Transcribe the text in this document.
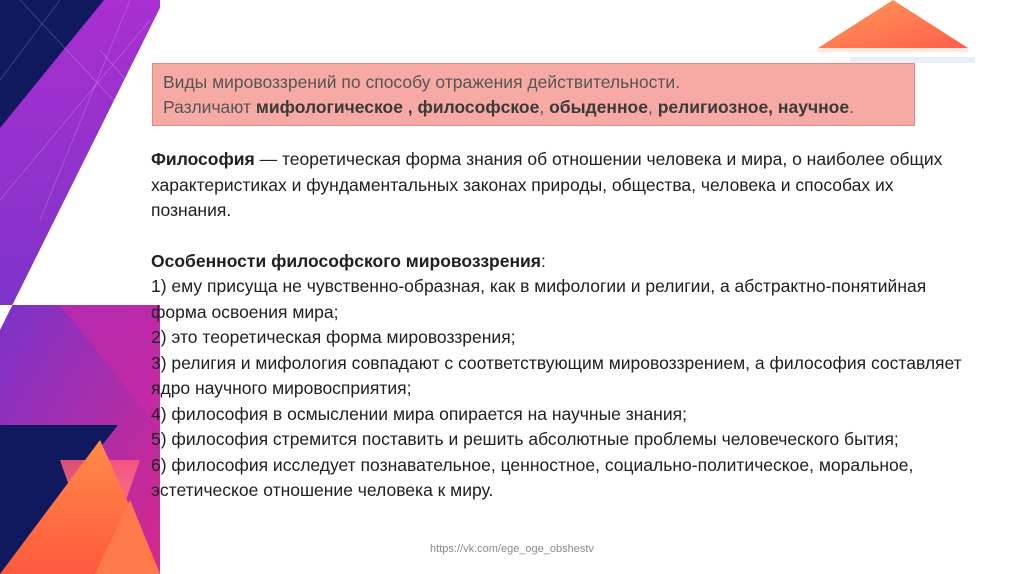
Виды мировоззрений по способу отражения действительности.
Различают мифологическое , философское, обыденное, религиозное, научное.

Философия — теоретическая форма знания об отношении человека и мира, о наиболее общих характеристиках и фундаментальных законах природы, общества, человека и способах их познания.

Особенности философского мировоззрения:

1) ему присуща не чувственно-образная, как в мифологии и религии, а абстрактно-понятийная форма освоения мира;

2) это теоретическая форма мировоззрения;

3) религия и мифология совпадают с соответствующим мировоззрением, а философия составляет ядро научного мировосприятия;

4) философия в осмыслении мира опирается на научные знания;

5) философия стремится поставить и решить абсолютные проблемы человеческого бытия;

6) философия исследует познавательное, ценностное, социально-политическое, моральное, эстетическое отношение человека к миру.

https://vk.com/ege_oge_obshestv
